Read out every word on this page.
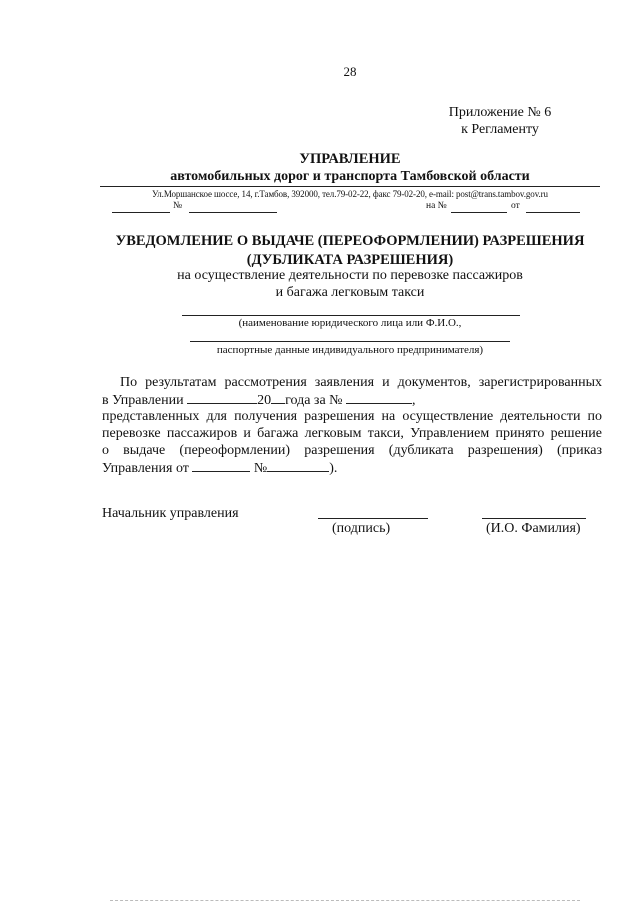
28
Приложение № 6
к Регламенту
УПРАВЛЕНИЕ
автомобильных дорог и транспорта Тамбовской области
Ул.Моршанское шоссе, 14, г.Тамбов, 392000, тел.79-02-22, факс 79-02-20, e-mail: post@trans.tambov.gov.ru
№	на №	от
УВЕДОМЛЕНИЕ О ВЫДАЧЕ (ПЕРЕОФОРМЛЕНИИ) РАЗРЕШЕНИЯ
(ДУБЛИКАТА РАЗРЕШЕНИЯ)
на осуществление деятельности по перевозке пассажиров
и багажа легковым такси
(наименование юридического лица или Ф.И.О.,
паспортные данные индивидуального предпринимателя)
По результатам рассмотрения заявления и документов, зарегистрированных
в Управлении	20 года за №	,
представленных для получения разрешения на осуществление деятельности по
перевозке пассажиров и багажа легковым такси, Управлением принято решение
о выдаче (переоформлении) разрешения (дубликата разрешения) (приказ
Управления от	№	).
Начальник управления
(подпись)	(И.О. Фамилия)
